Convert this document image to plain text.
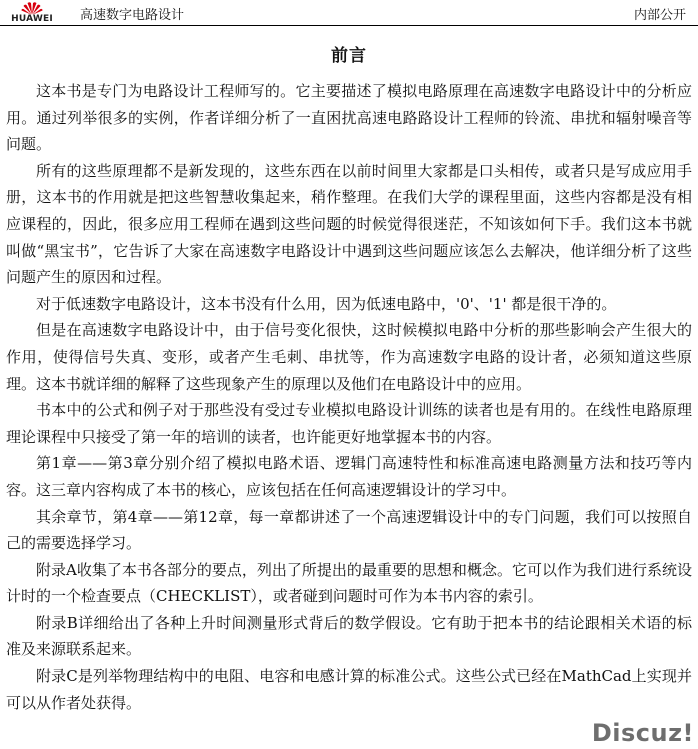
HUAWEI	高速数字电路设计	内部公开
前言

这本书是专门为电路设计工程师写的。它主要描述了模拟电路原理在高速数字电路设计中的分析应用。通过列举很多的实例，作者详细分析了一直困扰高速电路路设计工程师的铃流、串扰和辐射噪音等问题。

所有的这些原理都不是新发现的，这些东西在以前时间里大家都是口头相传，或者只是写成应用手册，这本书的作用就是把这些智慧收集起来，稍作整理。在我们大学的课程里面，这些内容都是没有相应课程的，因此，很多应用工程师在遇到这些问题的时候觉得很迷茫，不知该如何下手。我们这本书就叫做“黑宝书”，它告诉了大家在高速数字电路设计中遇到这些问题应该怎么去解决，他详细分析了这些问题产生的原因和过程。

对于低速数字电路设计，这本书没有什么用，因为低速电路中，'0'、'1' 都是很干净的。

但是在高速数字电路设计中，由于信号变化很快，这时候模拟电路中分析的那些影响会产生很大的作用，使得信号失真、变形，或者产生毛刺、串扰等，作为高速数字电路的设计者，必须知道这些原理。这本书就详细的解释了这些现象产生的原理以及他们在电路设计中的应用。

书本中的公式和例子对于那些没有受过专业模拟电路设计训练的读者也是有用的。在线性电路原理理论课程中只接受了第一年的培训的读者，也许能更好地掌握本书的内容。

第1章——第3章分别介绍了模拟电路术语、逻辑门高速特性和标准高速电路测量方法和技巧等内容。这三章内容构成了本书的核心，应该包括在任何高速逻辑设计的学习中。

其余章节，第4章——第12章，每一章都讲述了一个高速逻辑设计中的专门问题，我们可以按照自己的需要选择学习。

附录A收集了本书各部分的要点，列出了所提出的最重要的思想和概念。它可以作为我们进行系统设计时的一个检查要点（CHECKLIST），或者碰到问题时可作为本书内容的索引。

附录B详细给出了各种上升时间测量形式背后的数学假设。它有助于把本书的结论跟相关术语的标准及来源联系起来。

附录C是列举物理结构中的电阻、电容和电感计算的标准公式。这些公式已经在MathCad上实现并可以从作者处获得。

Discuz!
